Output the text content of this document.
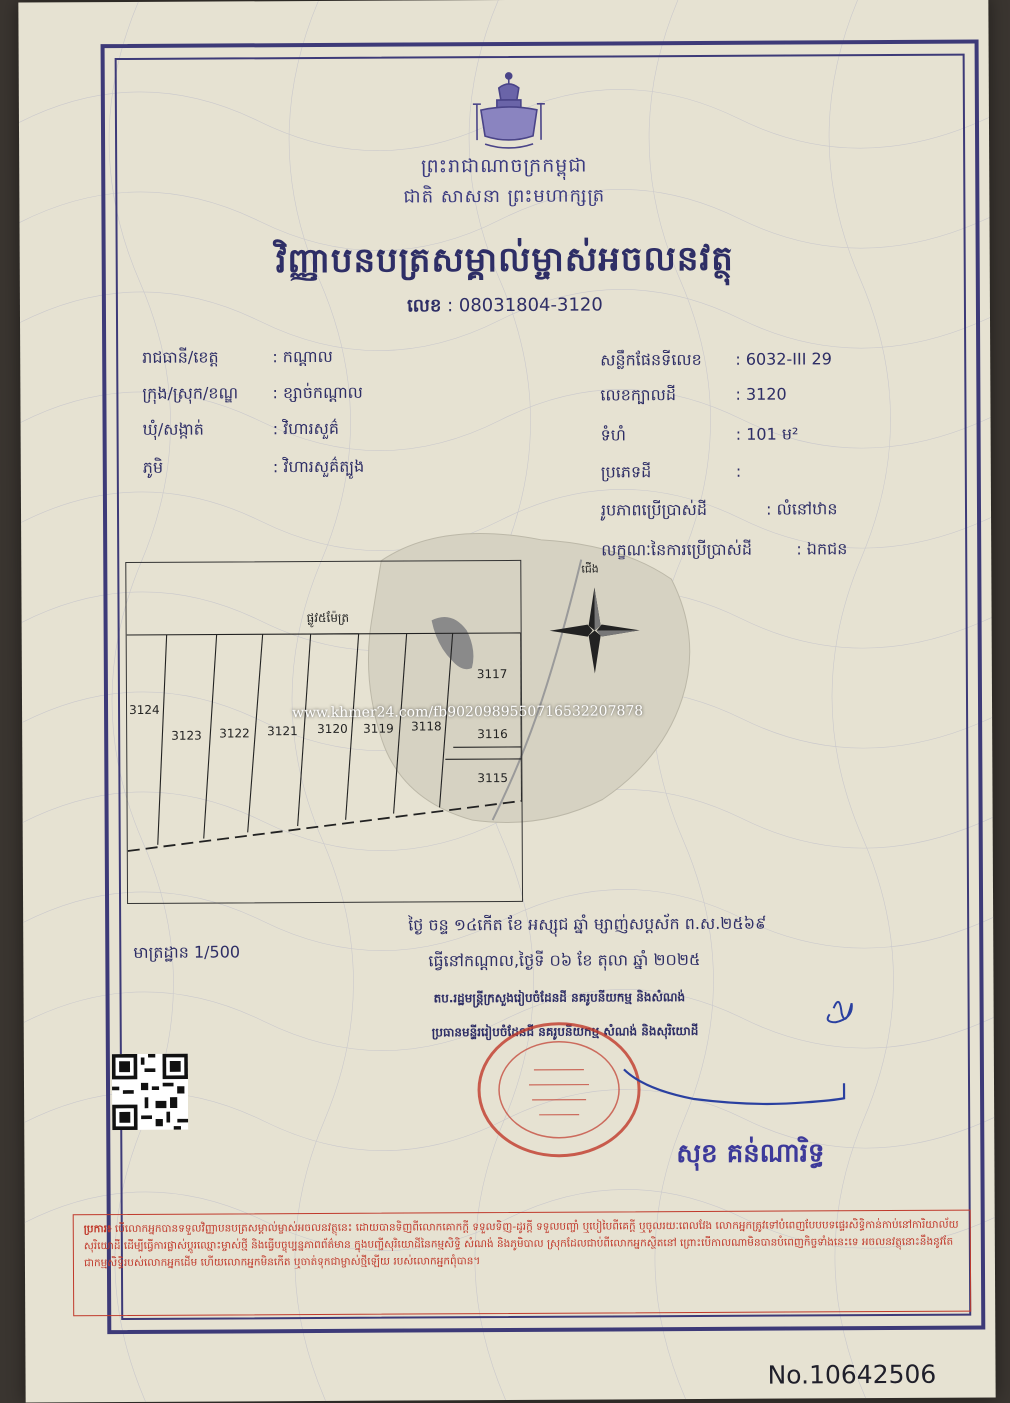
ព្រះរាជាណាចក្រកម្ពុជា
ជាតិ សាសនា ព្រះមហាក្សត្រ
វិញ្ញាបនបត្រសម្គាល់ម្ចាស់អចលនវត្ថុ
លេខ : 08031804-3120
រាជធានី/ខេត្ត	: កណ្ដាល
ក្រុង/ស្រុក/ខណ្ឌ : ខ្សាច់កណ្ដាល
ឃុំ/សង្កាត់	: វិហារសួគ៌
ភូមិ	: វិហារសួគ៌ត្បូង
សន្លឹកផែនទីលេខ : 6032-III 29
លេខក្បាលដី	: 3120
ទំហំ	: 101 ម²
ប្រភេទដី	:
រូបភាពប្រើប្រាស់ដី	: លំនៅឋាន
លក្ខណៈនៃការប្រើប្រាស់ដី	: ឯកជន
ផ្លូវ៥ម៉ែត្រ
3124
3123 3122 3121 3120 3119 3118
3117
3116
3115
ជើង
www.khmer24.com/fb9020989550716532207878
មាត្រដ្ឋាន 1/500
ថ្ងៃ ចន្ទ ១៤កើត ខែ អស្សុជ ឆ្នាំ ម្សាញ់សប្តស័ក ព.ស.២៥៦៩
ធ្វើនៅកណ្ដាល,ថ្ងៃទី ០៦ ខែ តុលា ឆ្នាំ ២០២៥
តប.រដ្ឋមន្ត្រីក្រសួងរៀបចំដែនដី នគរូបនីយកម្ម និងសំណង់
ប្រធានមន្ទីររៀបចំដែនដី នគរូបនីយកម្ម សំណង់ និងសុរិយោដី
សុខ គន់ណារិទ្ធ
ប្រការ៖ បើលោកអ្នកបានទទួលវិញ្ញាបនបត្រសម្គាល់ម្ចាស់អចលនវត្ថុនេះ ដោយបានទិញពីលោកគោកក្ដី ទទួលទិញ-ដូរក្ដី ទទួលបញ្ចាំ ឬបៀបៃពីគេក្ដី ឬចូលរយៈពេលវែង លោកអ្នកត្រូវទៅបំពេញបែបបទផ្ទេរសិទ្ធិកាន់កាប់នៅការិយាល័យសុរិយោដី ដើម្បីធ្វើការផ្លាស់ប្ដូរឈ្មោះម្ចាស់ថ្មី និងធ្វើបច្ចុប្បន្នភាពព័ត៌មាន ក្នុងបញ្ជីសុរិយោដីនៃកម្មសិទ្ធិ សំណង់ និងភូមិបាល ស្រុកដែលជាប់ពីលោកអ្នកស្ថិតនៅ ព្រោះបើកាលណាមិនបានបំពេញកិច្ចទាំងនេះទេ អចលនវត្ថុនោះនឹងនូវតែជាកម្មសិទ្ធិរបស់លោកអ្នកដើម ហើយលោកអ្នកមិនកើត ឬចាត់ទុកជាម្ចាស់ថ្មីឡើយ របស់លោកអ្នកពុំបាន។
No.10642506
